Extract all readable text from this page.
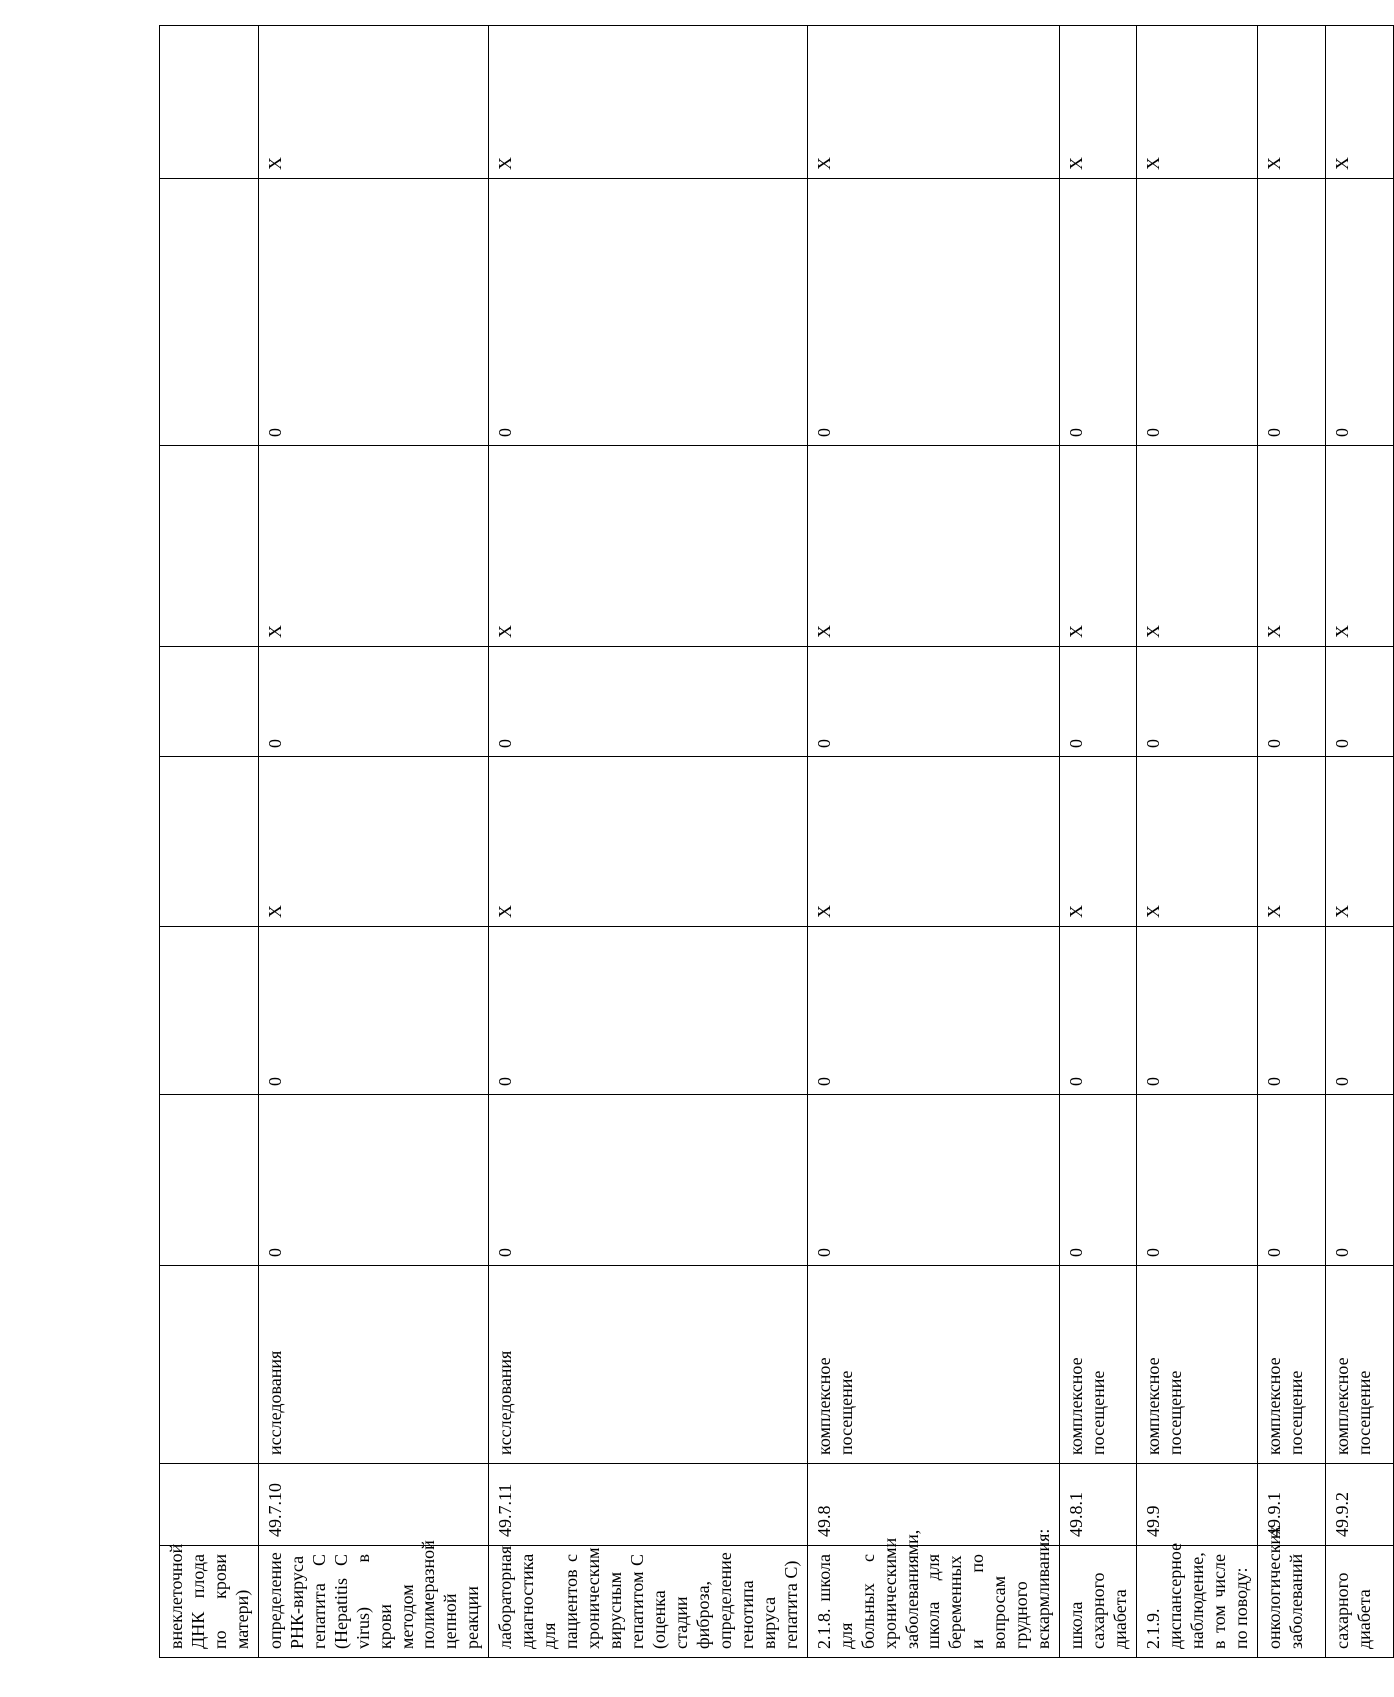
внеклеточной ДНК плода по крови матери)									
определение РНК-вируса гепатита С (Hepatitis C virus) в крови методом полимеразной цепной реакции	49.7.10	исследования	0	0	X	0	X	0	X
лабораторная диагностика для пациентов с хроническим вирусным гепатитом С (оценка стадии фиброза, определение генотипа вируса гепатита С)	49.7.11	исследования	0	0	X	0	X	0	X
2.1.8. школа для больных с хроническими заболеваниями, школа для беременных и по вопросам грудного вскармливания:	49.8	комплексное посещение	0	0	X	0	X	0	X
школа сахарного диабета	49.8.1	комплексное посещение	0	0	X	0	X	0	X
2.1.9. диспансерное наблюдение, в том числе по поводу:	49.9	комплексное посещение	0	0	X	0	X	0	X
онкологических заболеваний	49.9.1	комплексное посещение	0	0	X	0	X	0	X
сахарного диабета	49.9.2	комплексное посещение	0	0	X	0	X	0	X
